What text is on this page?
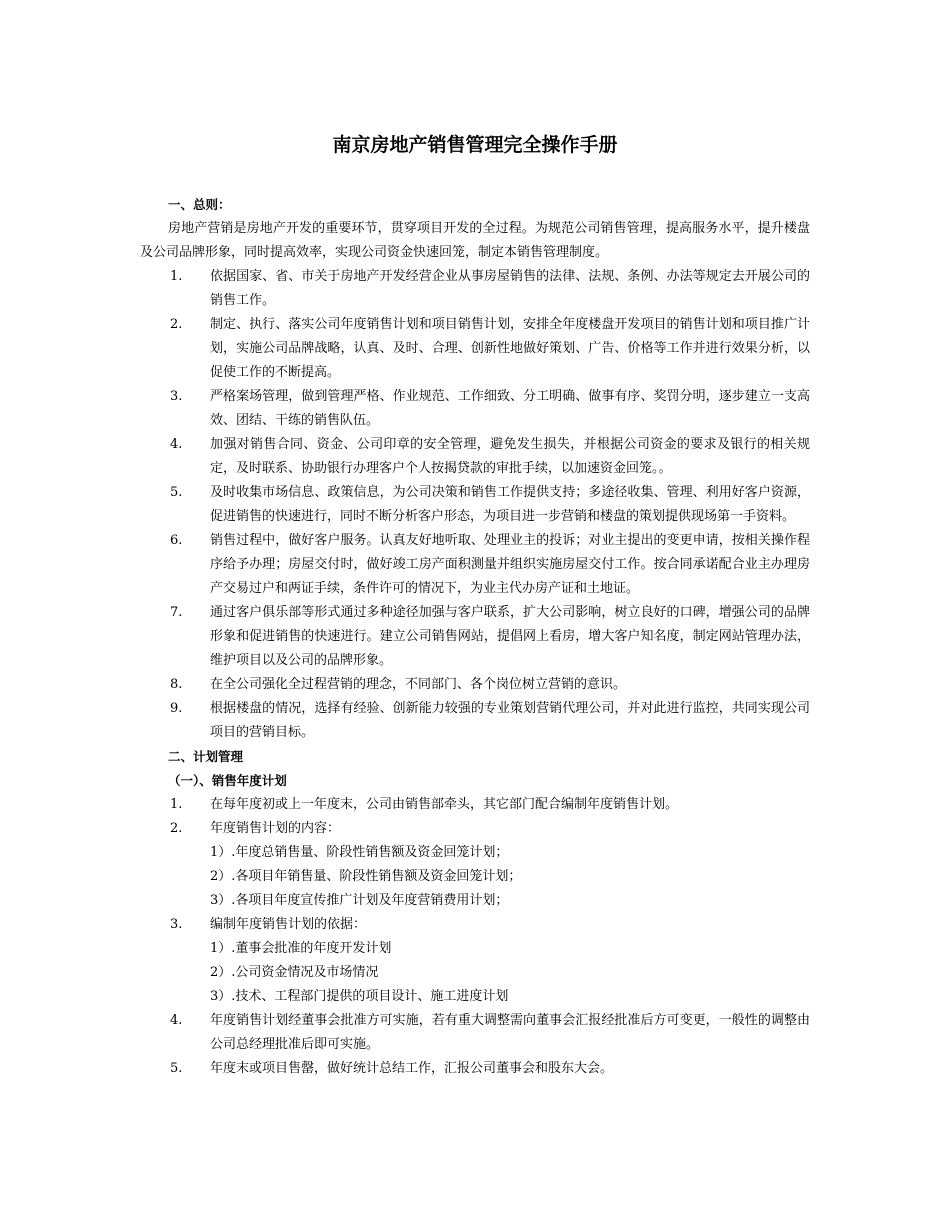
南京房地产销售管理完全操作手册
一、总则：
房地产营销是房地产开发的重要环节，贯穿项目开发的全过程。为规范公司销售管理，提高服务水平，提升楼盘及公司品牌形象，同时提高效率，实现公司资金快速回笼，制定本销售管理制度。
1.	依据国家、省、市关于房地产开发经营企业从事房屋销售的法律、法规、条例、办法等规定去开展公司的销售工作。
2.	制定、执行、落实公司年度销售计划和项目销售计划，安排全年度楼盘开发项目的销售计划和项目推广计划，实施公司品牌战略，认真、及时、合理、创新性地做好策划、广告、价格等工作并进行效果分析，以促使工作的不断提高。
3.	严格案场管理，做到管理严格、作业规范、工作细致、分工明确、做事有序、奖罚分明，逐步建立一支高效、团结、干练的销售队伍。
4.	加强对销售合同、资金、公司印章的安全管理，避免发生损失，并根据公司资金的要求及银行的相关规定，及时联系、协助银行办理客户个人按揭贷款的审批手续，以加速资金回笼。。
5.	及时收集市场信息、政策信息，为公司决策和销售工作提供支持；多途径收集、管理、利用好客户资源，促进销售的快速进行，同时不断分析客户形态，为项目进一步营销和楼盘的策划提供现场第一手资料。
6.	销售过程中，做好客户服务。认真友好地听取、处理业主的投诉；对业主提出的变更申请，按相关操作程序给予办理；房屋交付时，做好竣工房产面积测量并组织实施房屋交付工作。按合同承诺配合业主办理房产交易过户和两证手续，条件许可的情况下，为业主代办房产证和土地证。
7.	通过客户俱乐部等形式通过多种途径加强与客户联系，扩大公司影响，树立良好的口碑，增强公司的品牌形象和促进销售的快速进行。建立公司销售网站，提倡网上看房，增大客户知名度，制定网站管理办法，维护项目以及公司的品牌形象。
8.	在全公司强化全过程营销的理念，不同部门、各个岗位树立营销的意识。
9.	根据楼盘的情况，选择有经验、创新能力较强的专业策划营销代理公司，并对此进行监控，共同实现公司项目的营销目标。
二、计划管理
（一）、销售年度计划
1.	在每年度初或上一年度末，公司由销售部牵头，其它部门配合编制年度销售计划。
2.	年度销售计划的内容：
1）.年度总销售量、阶段性销售额及资金回笼计划；
2）.各项目年销售量、阶段性销售额及资金回笼计划；
3）.各项目年度宣传推广计划及年度营销费用计划；
3.	编制年度销售计划的依据：
1）.董事会批准的年度开发计划
2）.公司资金情况及市场情况
3）.技术、工程部门提供的项目设计、施工进度计划
4.	年度销售计划经董事会批准方可实施，若有重大调整需向董事会汇报经批准后方可变更，一般性的调整由公司总经理批准后即可实施。
5.	年度末或项目售罄，做好统计总结工作，汇报公司董事会和股东大会。
